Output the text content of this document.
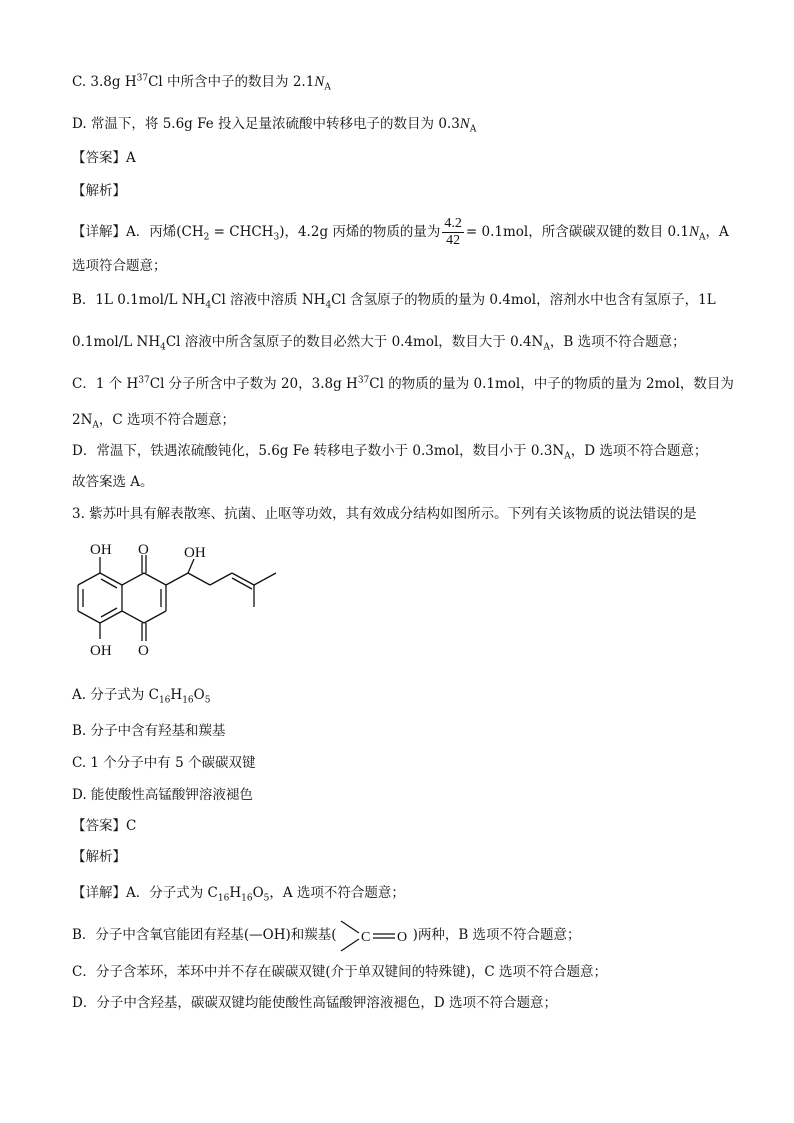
C. 3.8g $H^{37}Cl$ 中所含中子的数目为 $2.1N_A$
D. 常温下，将 5.6g Fe 投入足量浓硫酸中转移电子的数目为 $0.3N_A$
【答案】A
【解析】
【详解】A．丙烯($CH_2$ = $CHCH_3$)，4.2g 丙烯的物质的量为 $\frac{4.2}{42} = 0.1mol$，所含碳碳双键的数目 $0.1N_A$，A
选项符合题意；
B．1L 0.1mol/L $NH_4Cl$ 溶液中溶质 $NH_4Cl$ 含氢原子的物质的量为 0.4mol，溶剂水中也含有氢原子，1L
0.1mol/L $NH_4Cl$ 溶液中所含氢原子的数目必然大于 0.4mol，数目大于 $0.4N_A$，B 选项不符合题意；
C．1 个 $H^{37}Cl$ 分子所含中子数为 20，3.8g $H^{37}Cl$ 的物质的量为 0.1mol，中子的物质的量为 2mol，数目为
$2N_A$，C 选项不符合题意；
D．常温下，铁遇浓硫酸钝化，5.6g Fe 转移电子数小于 0.3mol，数目小于 $0.3N_A$，D 选项不符合题意；
故答案选 A。
3. 紫苏叶具有解表散寒、抗菌、止呕等功效，其有效成分结构如图所示。下列有关该物质的说法错误的是
OH O OH
OH O
A. 分子式为 $C_{16}H_{16}O_5$
B. 分子中含有羟基和羰基
C. 1 个分子中有 5 个碳碳双键
D. 能使酸性高锰酸钾溶液褪色
【答案】C
【解析】
【详解】A．分子式为 $C_{16}H_{16}O_5$，A 选项不符合题意；
B．分子中含氧官能团有羟基(—OH)和羰基( C O )两种，B 选项不符合题意；
C．分子含苯环，苯环中并不存在碳碳双键(介于单双键间的特殊键)，C 选项不符合题意；
D．分子中含羟基，碳碳双键均能使酸性高锰酸钾溶液褪色，D 选项不符合题意；
